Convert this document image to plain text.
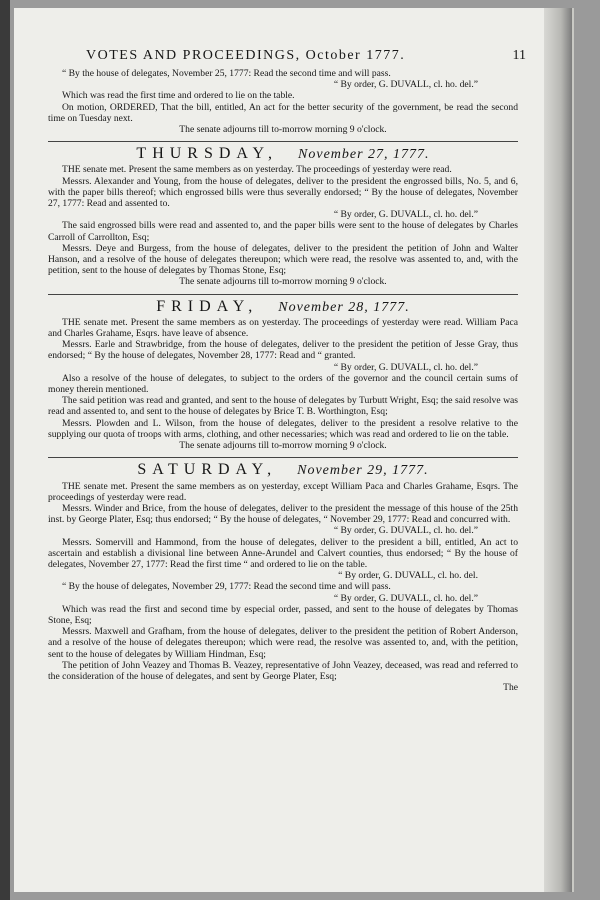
VOTES AND PROCEEDINGS, October 1777.	11

“ By the house of delegates, November 25, 1777: Read the second time and will pass.

“ By order, G. DUVALL, cl. ho. del.”

Which was read the first time and ordered to lie on the table.

On motion, ORDERED, That the bill, entitled, An act for the better security of the government, be read the second time on Tuesday next.

The senate adjourns till to-morrow morning 9 o'clock.

THURSDAY, November 27, 1777.

THE senate met. Present the same members as on yesterday. The proceedings of yesterday were read.

Messrs. Alexander and Young, from the house of delegates, deliver to the president the engrossed bills, No. 5, and 6, with the paper bills thereof; which engrossed bills were thus severally endorsed; “ By the house of delegates, November 27, 1777: Read and assented to.

“ By order, G. DUVALL, cl. ho. del.”

The said engrossed bills were read and assented to, and the paper bills were sent to the house of delegates by Charles Carroll of Carrollton, Esq;

Messrs. Deye and Burgess, from the house of delegates, deliver to the president the petition of John and Walter Hanson, and a resolve of the house of delegates thereupon; which were read, the resolve was assented to, and, with the petition, sent to the house of delegates by Thomas Stone, Esq;

The senate adjourns till to-morrow morning 9 o'clock.

FRIDAY, November 28, 1777.

THE senate met. Present the same members as on yesterday. The proceedings of yesterday were read. William Paca and Charles Grahame, Esqrs. have leave of absence.

Messrs. Earle and Strawbridge, from the house of delegates, deliver to the president the petition of Jesse Gray, thus endorsed; “ By the house of delegates, November 28, 1777: Read and “ granted.

“ By order, G. DUVALL, cl. ho. del.”

Also a resolve of the house of delegates, to subject to the orders of the governor and the council certain sums of money therein mentioned.

The said petition was read and granted, and sent to the house of delegates by Turbutt Wright, Esq; the said resolve was read and assented to, and sent to the house of delegates by Brice T. B. Worthington, Esq;

Messrs. Plowden and L. Wilson, from the house of delegates, deliver to the president a resolve relative to the supplying our quota of troops with arms, clothing, and other necessaries; which was read and ordered to lie on the table.

The senate adjourns till to-morrow morning 9 o'clock.

SATURDAY, November 29, 1777.

THE senate met. Present the same members as on yesterday, except William Paca and Charles Grahame, Esqrs. The proceedings of yesterday were read.

Messrs. Winder and Brice, from the house of delegates, deliver to the president the message of this house of the 25th inst. by George Plater, Esq; thus endorsed; “ By the house of delegates, “ November 29, 1777: Read and concurred with.

“ By order, G. DUVALL, cl. ho. del.”

Messrs. Somervill and Hammond, from the house of delegates, deliver to the president a bill, entitled, An act to ascertain and establish a divisional line between Anne-Arundel and Calvert counties, thus endorsed; “ By the house of delegates, November 27, 1777: Read the first time “ and ordered to lie on the table.

“ By order, G. DUVALL, cl. ho. del.

“ By the house of delegates, November 29, 1777: Read the second time and will pass.

“ By order, G. DUVALL, cl. ho. del.”

Which was read the first and second time by especial order, passed, and sent to the house of delegates by Thomas Stone, Esq;

Messrs. Maxwell and Grafham, from the house of delegates, deliver to the president the petition of Robert Anderson, and a resolve of the house of delegates thereupon; which were read, the resolve was assented to, and, with the petition, sent to the house of delegates by William Hindman, Esq;

The petition of John Veazey and Thomas B. Veazey, representative of John Veazey, deceased, was read and referred to the consideration of the house of delegates, and sent by George Plater, Esq;

The
